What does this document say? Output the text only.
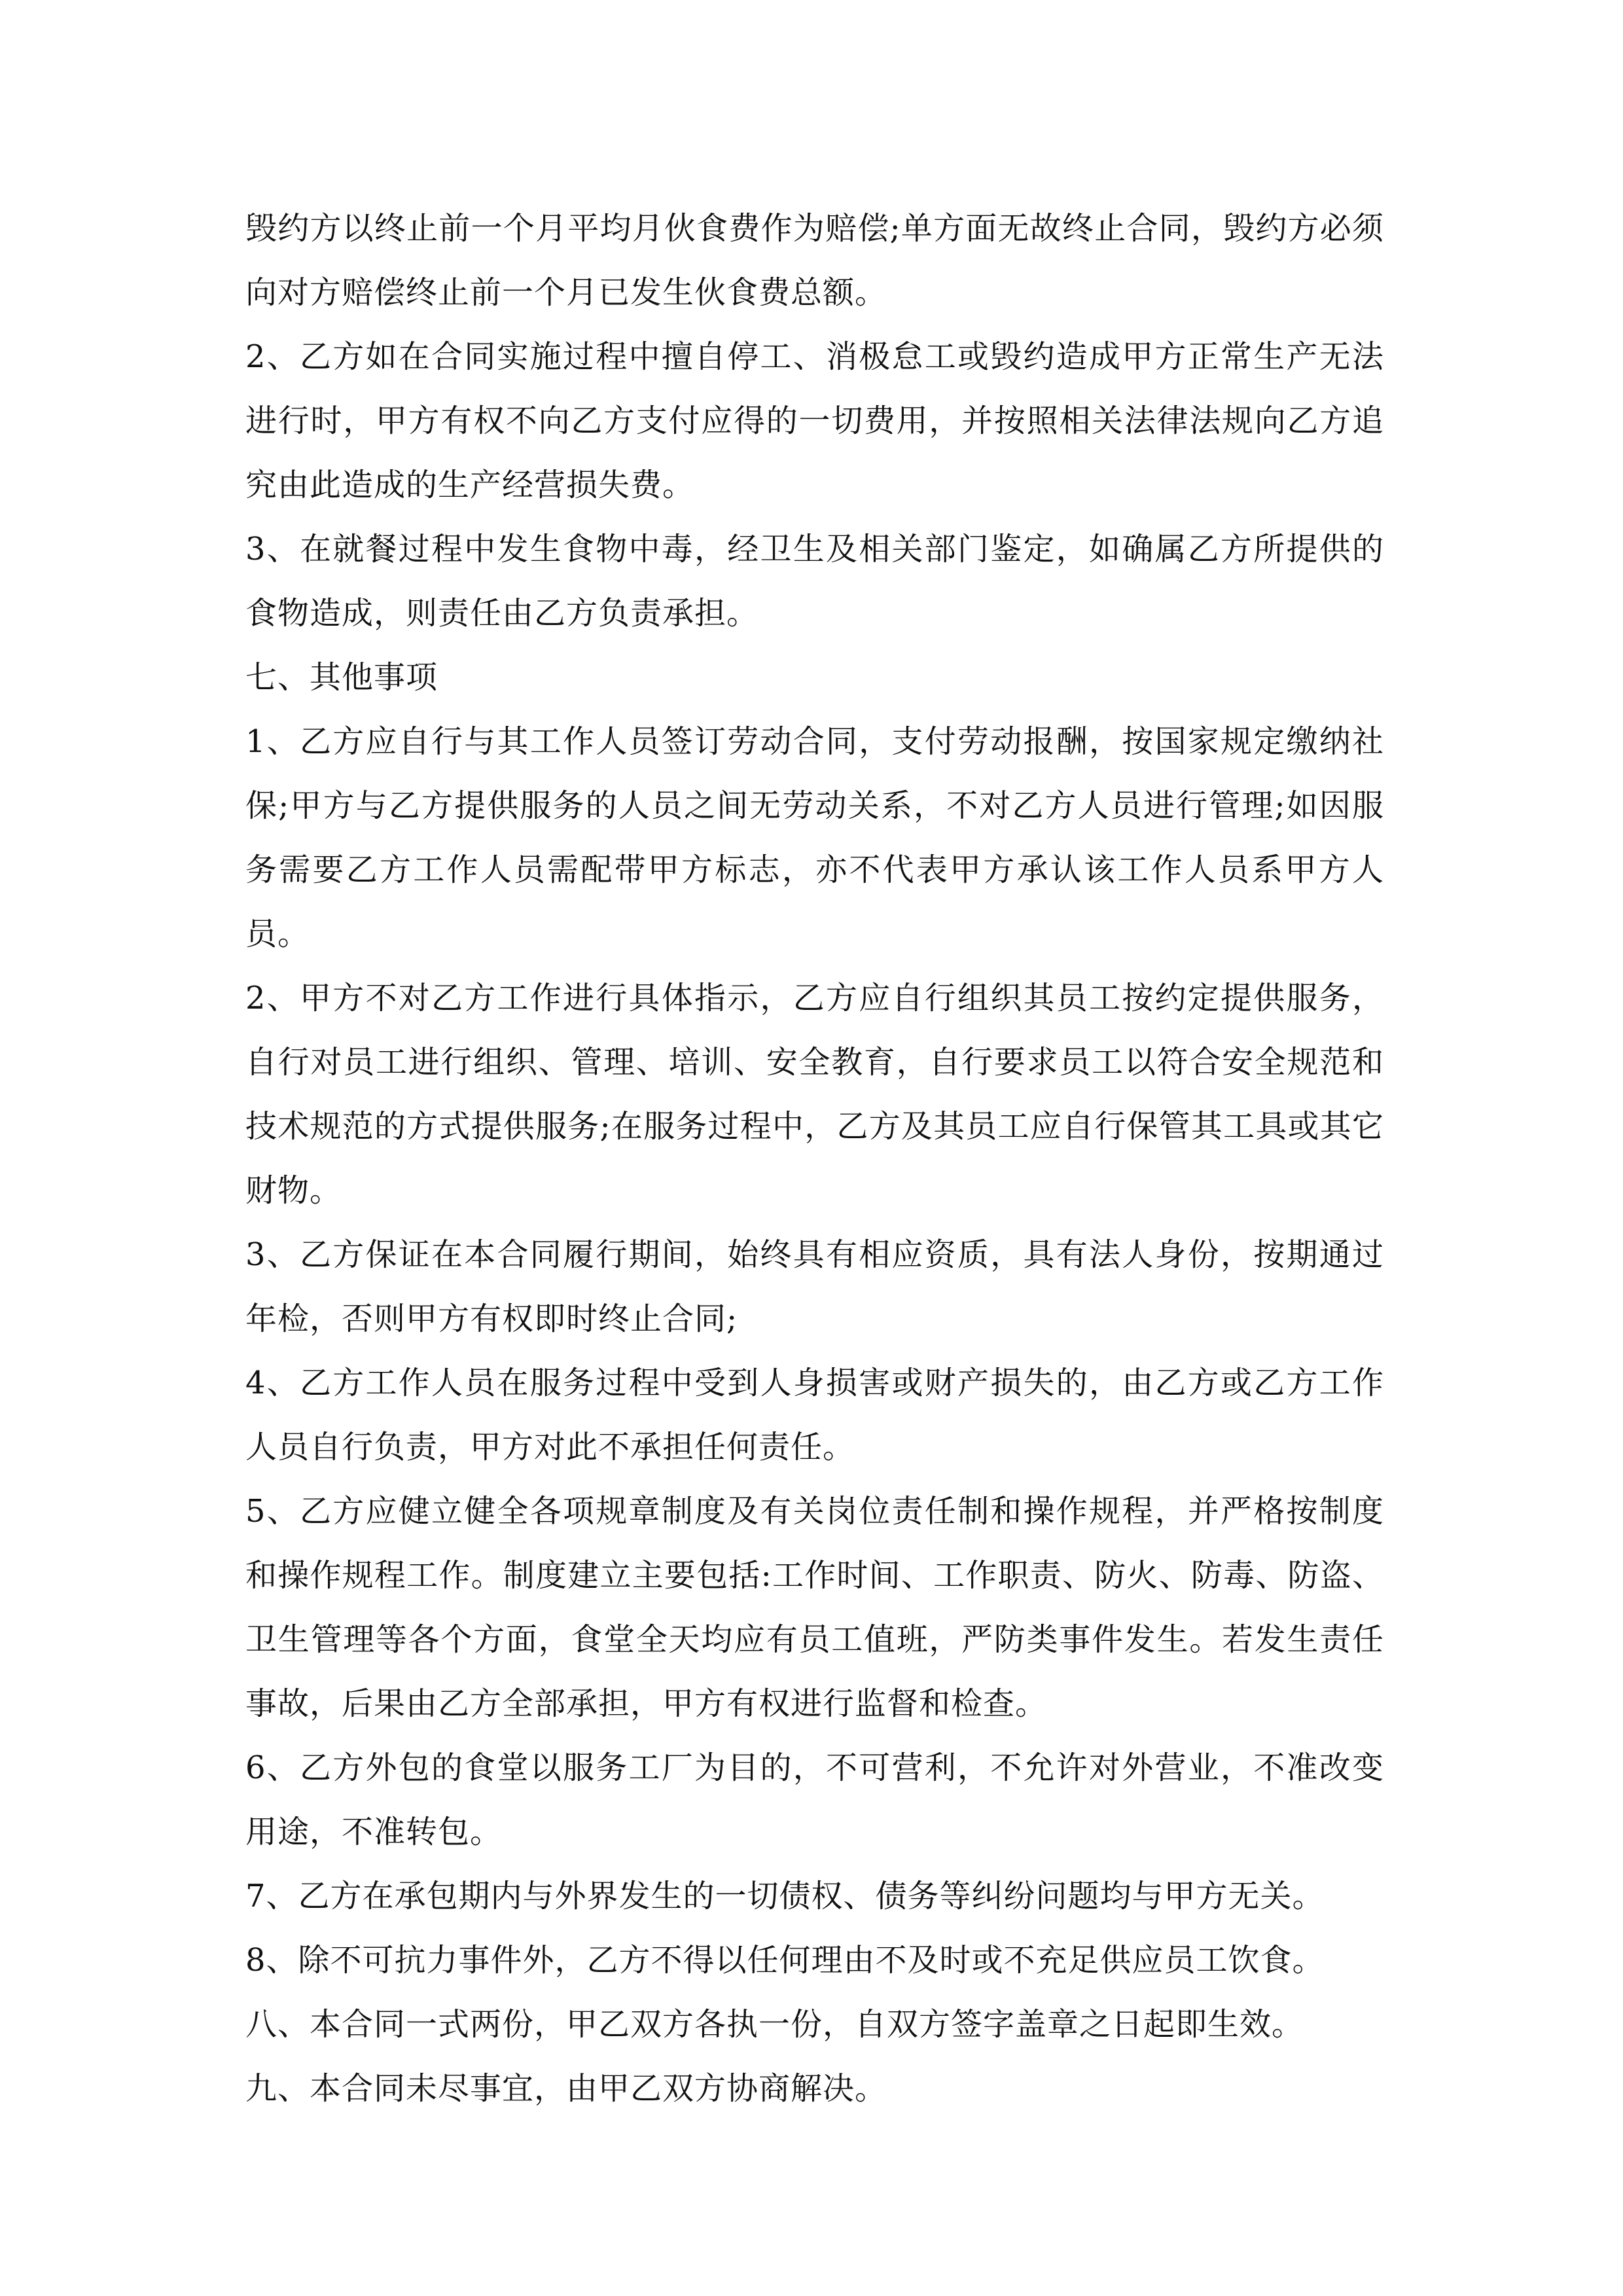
毁约方以终止前一个月平均月伙食费作为赔偿;单方面无故终止合同，毁约方必须向对方赔偿终止前一个月已发生伙食费总额。

2、乙方如在合同实施过程中擅自停工、消极怠工或毁约造成甲方正常生产无法进行时，甲方有权不向乙方支付应得的一切费用，并按照相关法律法规向乙方追究由此造成的生产经营损失费。

3、在就餐过程中发生食物中毒，经卫生及相关部门鉴定，如确属乙方所提供的食物造成，则责任由乙方负责承担。

七、其他事项

1、乙方应自行与其工作人员签订劳动合同，支付劳动报酬，按国家规定缴纳社保;甲方与乙方提供服务的人员之间无劳动关系，不对乙方人员进行管理;如因服务需要乙方工作人员需配带甲方标志，亦不代表甲方承认该工作人员系甲方人员。

2、甲方不对乙方工作进行具体指示，乙方应自行组织其员工按约定提供服务，自行对员工进行组织、管理、培训、安全教育，自行要求员工以符合安全规范和技术规范的方式提供服务;在服务过程中，乙方及其员工应自行保管其工具或其它财物。

3、乙方保证在本合同履行期间，始终具有相应资质，具有法人身份，按期通过年检，否则甲方有权即时终止合同;

4、乙方工作人员在服务过程中受到人身损害或财产损失的，由乙方或乙方工作人员自行负责，甲方对此不承担任何责任。

5、乙方应健立健全各项规章制度及有关岗位责任制和操作规程，并严格按制度和操作规程工作。制度建立主要包括:工作时间、工作职责、防火、防毒、防盗、卫生管理等各个方面，食堂全天均应有员工值班，严防类事件发生。若发生责任事故，后果由乙方全部承担，甲方有权进行监督和检查。

6、乙方外包的食堂以服务工厂为目的，不可营利，不允许对外营业，不准改变用途，不准转包。

7、乙方在承包期内与外界发生的一切债权、债务等纠纷问题均与甲方无关。

8、除不可抗力事件外，乙方不得以任何理由不及时或不充足供应员工饮食。

八、本合同一式两份，甲乙双方各执一份，自双方签字盖章之日起即生效。

九、本合同未尽事宜，由甲乙双方协商解决。
